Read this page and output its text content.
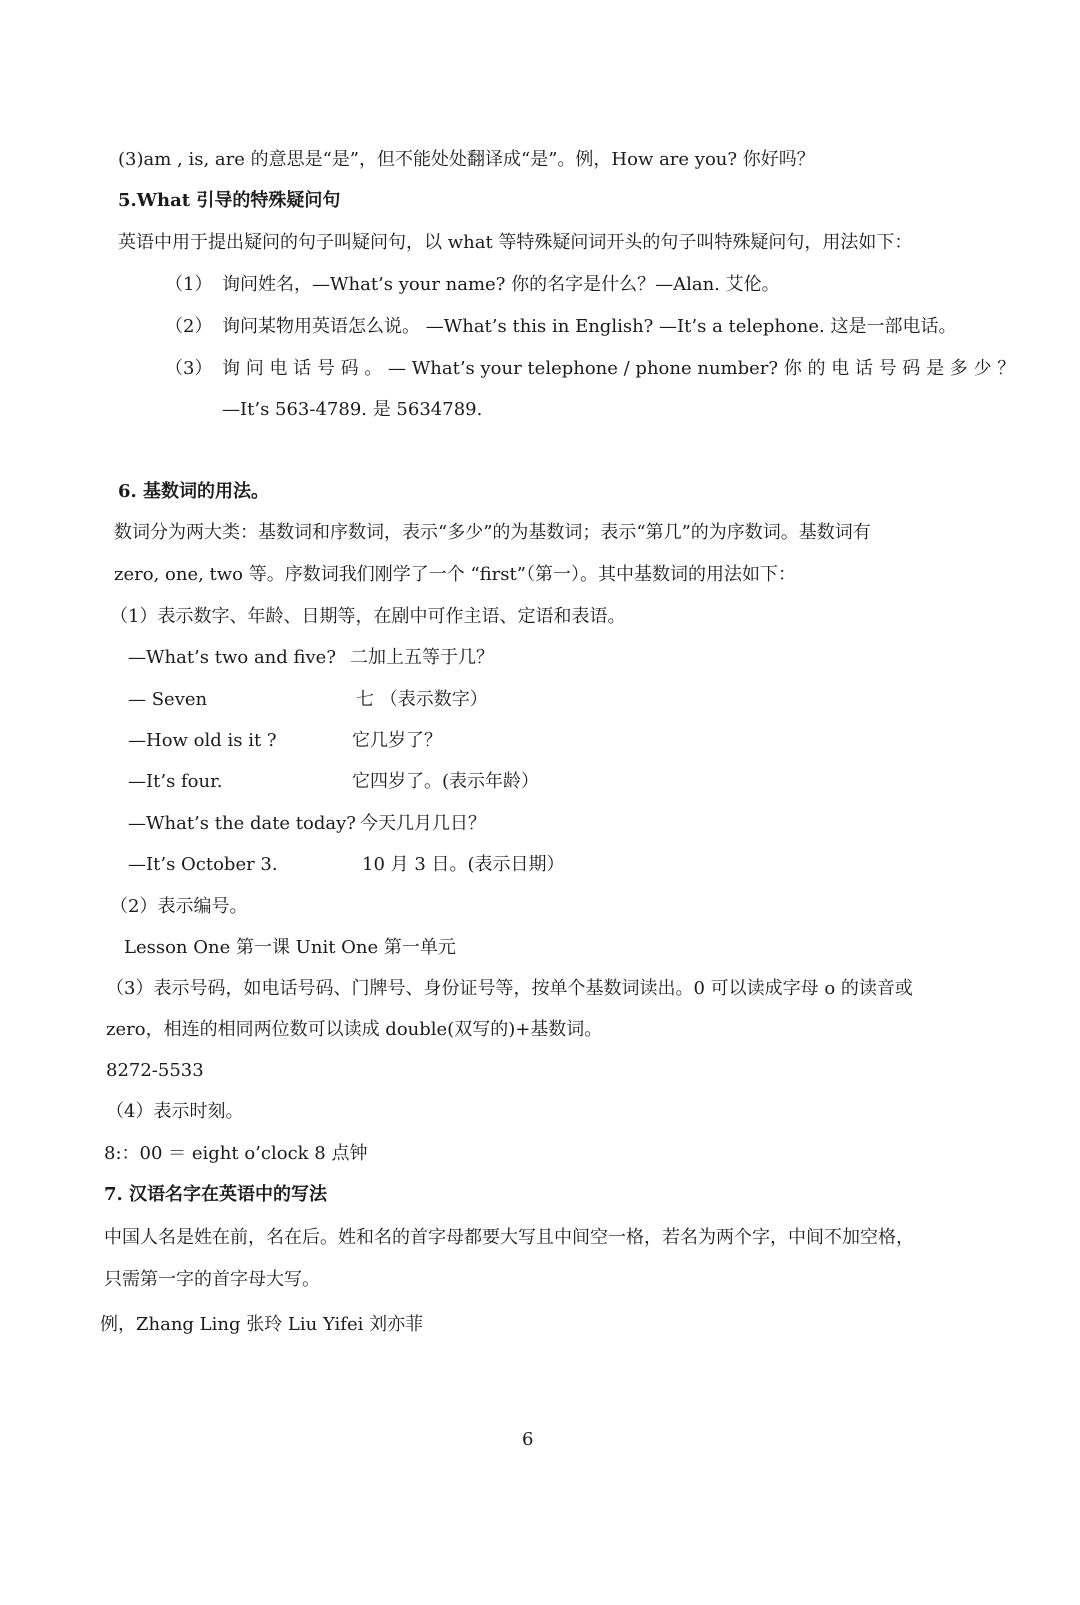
(3)am , is, are 的意思是“是”，但不能处处翻译成“是”。例，How are you? 你好吗？
5.What 引导的特殊疑问句
英语中用于提出疑问的句子叫疑问句，以 what 等特殊疑问词开头的句子叫特殊疑问句，用法如下：
（1） 询问姓名，—What’s your name? 你的名字是什么？—Alan. 艾伦。
（2） 询问某物用英语怎么说。 —What’s this in English? —It’s a telephone. 这是一部电话。
（3） 询 问 电 话 号 码 。 — What’s your telephone / phone number? 你 的 电 话 号 码 是 多 少 ？
—It’s 563-4789. 是 5634789.
6. 基数词的用法。
数词分为两大类：基数词和序数词，表示“多少”的为基数词；表示“第几”的为序数词。基数词有
zero, one, two 等。序数词我们刚学了一个 “first”（第一）。其中基数词的用法如下：
（1）表示数字、年龄、日期等，在剧中可作主语、定语和表语。
—What’s two and five? 二加上五等于几？
— Seven	七 （表示数字）
—How old is it ?	它几岁了？
—It’s four.	它四岁了。(表示年龄）
—What’s the date today? 今天几月几日？
—It’s October 3.	10 月 3 日。(表示日期）
（2）表示编号。
Lesson One 第一课 Unit One 第一单元
（3）表示号码，如电话号码、门牌号、身份证号等，按单个基数词读出。0 可以读成字母 o 的读音或
zero，相连的相同两位数可以读成 double(双写的)+基数词。
8272-5533
（4）表示时刻。
8:：00 ＝ eight o’clock 8 点钟
7. 汉语名字在英语中的写法
中国人名是姓在前，名在后。姓和名的首字母都要大写且中间空一格，若名为两个字，中间不加空格，
只需第一字的首字母大写。
例，Zhang Ling 张玲 Liu Yifei 刘亦菲
6
